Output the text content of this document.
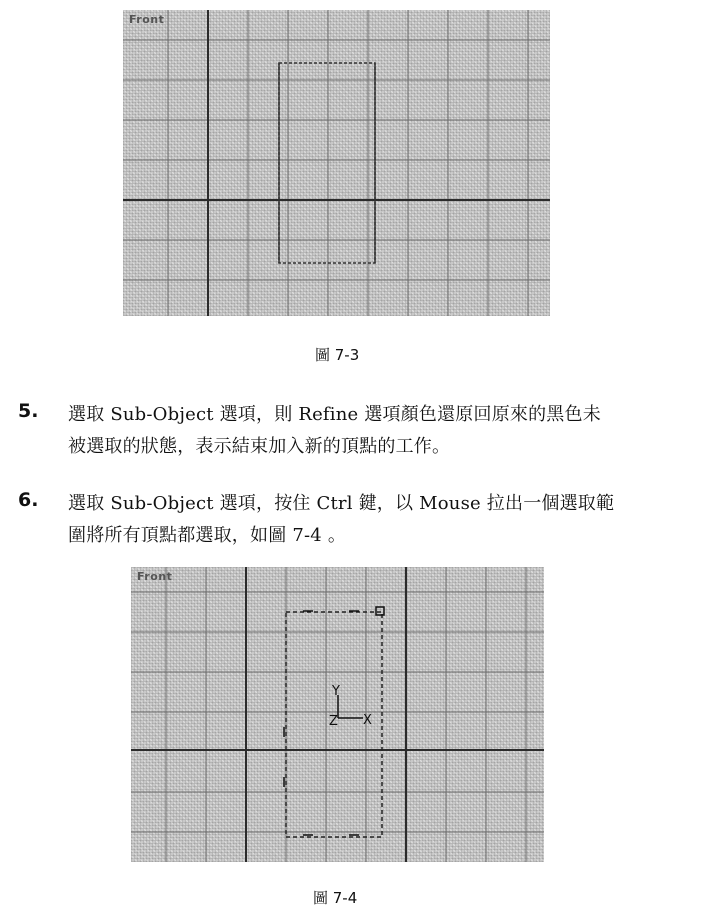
Front
圖 7-3
5. 選取 Sub-Object 選項，則 Refine 選項顏色還原回原來的黑色未
被選取的狀態，表示結束加入新的頂點的工作。
6. 選取 Sub-Object 選項，按住 Ctrl 鍵，以 Mouse 拉出一個選取範
圍將所有頂點都選取，如圖 7-4 。
Front
Y
Z X
圖 7-4
